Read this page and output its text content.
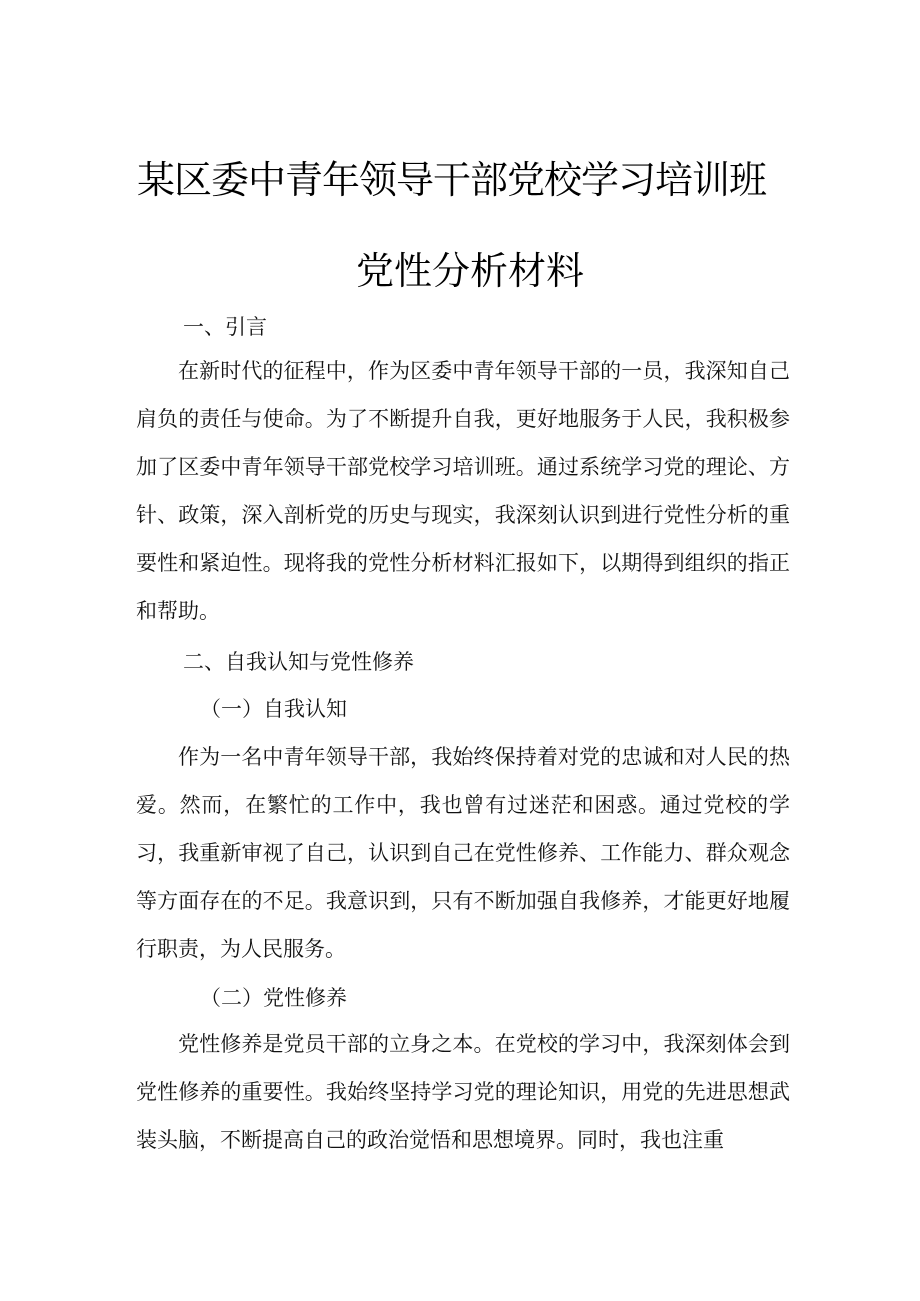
某区委中青年领导干部党校学习培训班
党性分析材料
一、引言

在新时代的征程中，作为区委中青年领导干部的一员，我深知自己肩负的责任与使命。为了不断提升自我，更好地服务于人民，我积极参加了区委中青年领导干部党校学习培训班。通过系统学习党的理论、方针、政策，深入剖析党的历史与现实，我深刻认识到进行党性分析的重要性和紧迫性。现将我的党性分析材料汇报如下，以期得到组织的指正和帮助。

二、自我认知与党性修养
（一）自我认知

作为一名中青年领导干部，我始终保持着对党的忠诚和对人民的热爱。然而，在繁忙的工作中，我也曾有过迷茫和困惑。通过党校的学习，我重新审视了自己，认识到自己在党性修养、工作能力、群众观念等方面存在的不足。我意识到，只有不断加强自我修养，才能更好地履行职责，为人民服务。

（二）党性修养

党性修养是党员干部的立身之本。在党校的学习中，我深刻体会到党性修养的重要性。我始终坚持学习党的理论知识，用党的先进思想武装头脑，不断提高自己的政治觉悟和思想境界。同时，我也注重
